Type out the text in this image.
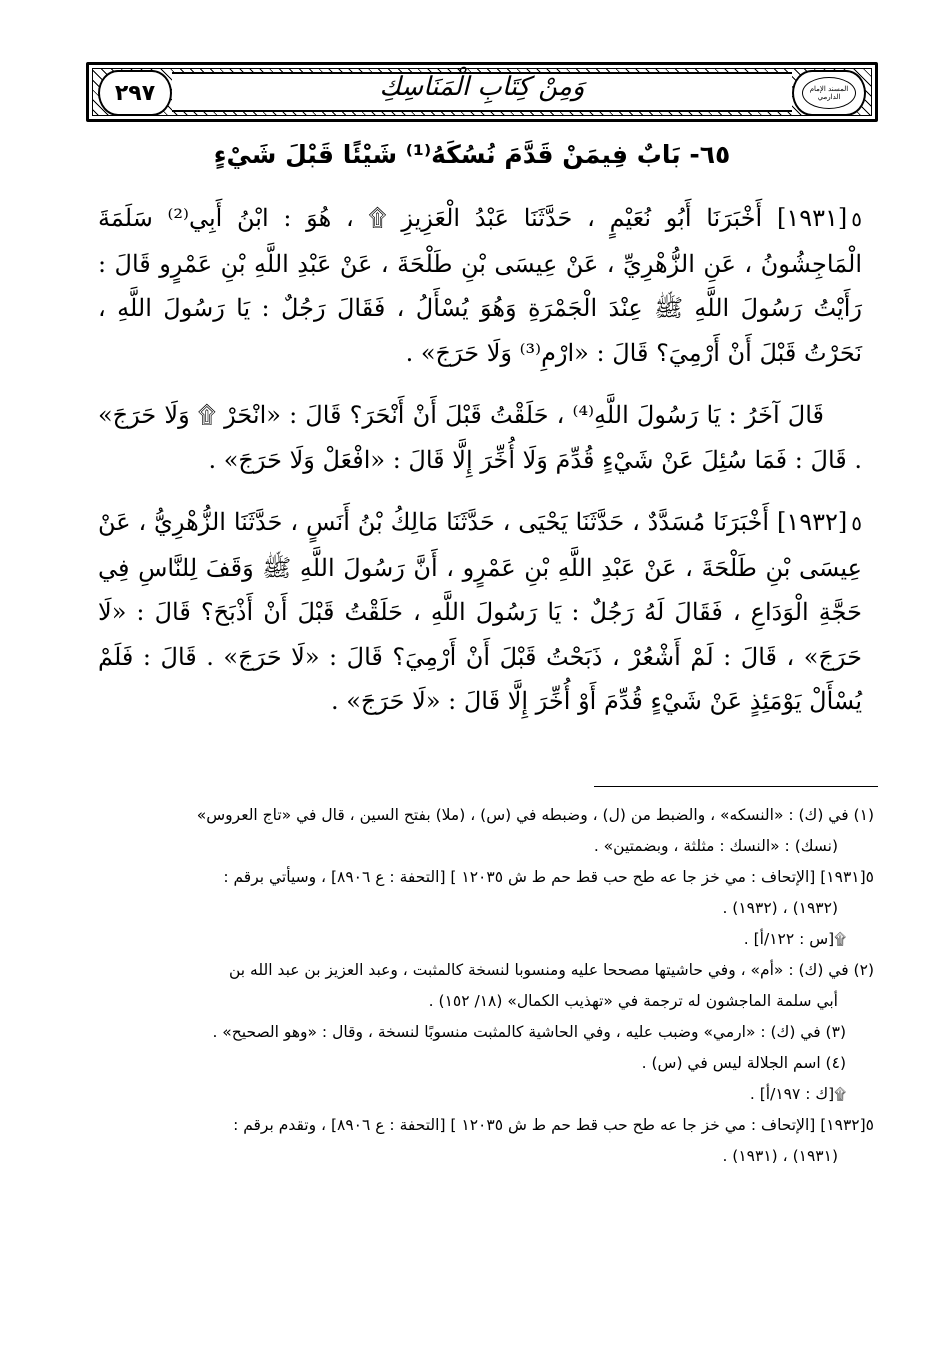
المسند الإمام الدارمي
٢٩٧	وَمِنْ كِتَابِ الْمَنَاسِكِ
٦٥- بَابٌ فِيمَنْ قَدَّمَ نُسُكَهُ⁽¹⁾ شَيْئًا قَبْلَ شَيْءٍ

٥[١٩٣١] أَخْبَرَنَا أَبُو نُعَيْمٍ ، حَدَّثَنَا عَبْدُ الْعَزِيزِ ۩ ، هُوَ : ابْنُ أَبِي⁽²⁾ سَلَمَةَ الْمَاجِشُونُ ، عَنِ الزُّهْرِيِّ ، عَنْ عِيسَى بْنِ طَلْحَةَ ، عَنْ عَبْدِ اللَّهِ بْنِ عَمْرٍو قَالَ : رَأَيْتُ رَسُولَ اللَّهِ ﷺ عِنْدَ الْجَمْرَةِ وَهُوَ يُسْأَلُ ، فَقَالَ رَجُلٌ : يَا رَسُولَ اللَّهِ ، نَحَرْتُ قَبْلَ أَنْ أَرْمِيَ؟ قَالَ : «ارْمِ⁽³⁾ وَلَا حَرَجَ» .

قَالَ آخَرُ : يَا رَسُولَ اللَّهِ⁽⁴⁾ ، حَلَقْتُ قَبْلَ أَنْ أَنْحَرَ؟ قَالَ : «انْحَرْ ۩ وَلَا حَرَجَ» . قَالَ : فَمَا سُئِلَ عَنْ شَيْءٍ قُدِّمَ وَلَا أُخِّرَ إِلَّا قَالَ : «افْعَلْ وَلَا حَرَجَ» .

٥[١٩٣٢] أَخْبَرَنَا مُسَدَّدٌ ، حَدَّثَنَا يَحْيَى ، حَدَّثَنَا مَالِكُ بْنُ أَنَسٍ ، حَدَّثَنَا الزُّهْرِيُّ ، عَنْ عِيسَى بْنِ طَلْحَةَ ، عَنْ عَبْدِ اللَّهِ بْنِ عَمْرٍو ، أَنَّ رَسُولَ اللَّهِ ﷺ وَقَفَ لِلنَّاسِ فِي حَجَّةِ الْوَدَاعِ ، فَقَالَ لَهُ رَجُلٌ : يَا رَسُولَ اللَّهِ ، حَلَقْتُ قَبْلَ أَنْ أَذْبَحَ؟ قَالَ : «لَا حَرَجَ» ، قَالَ : لَمْ أَشْعُرْ ، ذَبَحْتُ قَبْلَ أَنْ أَرْمِيَ؟ قَالَ : «لَا حَرَجَ» . قَالَ : فَلَمْ يُسْأَلْ يَوْمَئِذٍ عَنْ شَيْءٍ قُدِّمَ أَوْ أُخِّرَ إِلَّا قَالَ : «لَا حَرَجَ» .

(١) في (ك) : «النسكه» ، والضبط من (ل) ، وضبطه في (س) ، (ملا) بفتح السين ، قال في «تاج العروس»

(نسك) : «النسك : مثلثة ، وبضمتين» .

٥[١٩٣١] [الإتحاف : مي خز جا عه طح حب قط حم ط ش ١٢٠٣٥ ] [التحفة : ع ٨٩٠٦] ، وسيأتي برقم :

(١٩٣٢) ، (١٩٣٢) .

۩[س : ١٢٢/أ] .

(٢) في (ك) : «أم» ، وفي حاشيتها مصححا عليه ومنسوبا لنسخة كالمثبت ، وعبد العزيز بن عبد الله بن

أبي سلمة الماجشون له ترجمة في «تهذيب الكمال» (١٨/ ١٥٢) .

(٣) في (ك) : «ارمي» وضبب عليه ، وفي الحاشية كالمثبت منسوبًا لنسخة ، وقال : «وهو الصحيح» .

(٤) اسم الجلالة ليس في (س) .

۩[ك : ١٩٧/أ] .

٥[١٩٣٢] [الإتحاف : مي خز جا عه طح حب قط حم ط ش ١٢٠٣٥ ] [التحفة : ع ٨٩٠٦] ، وتقدم برقم :

(١٩٣١) ، (١٩٣١) .
